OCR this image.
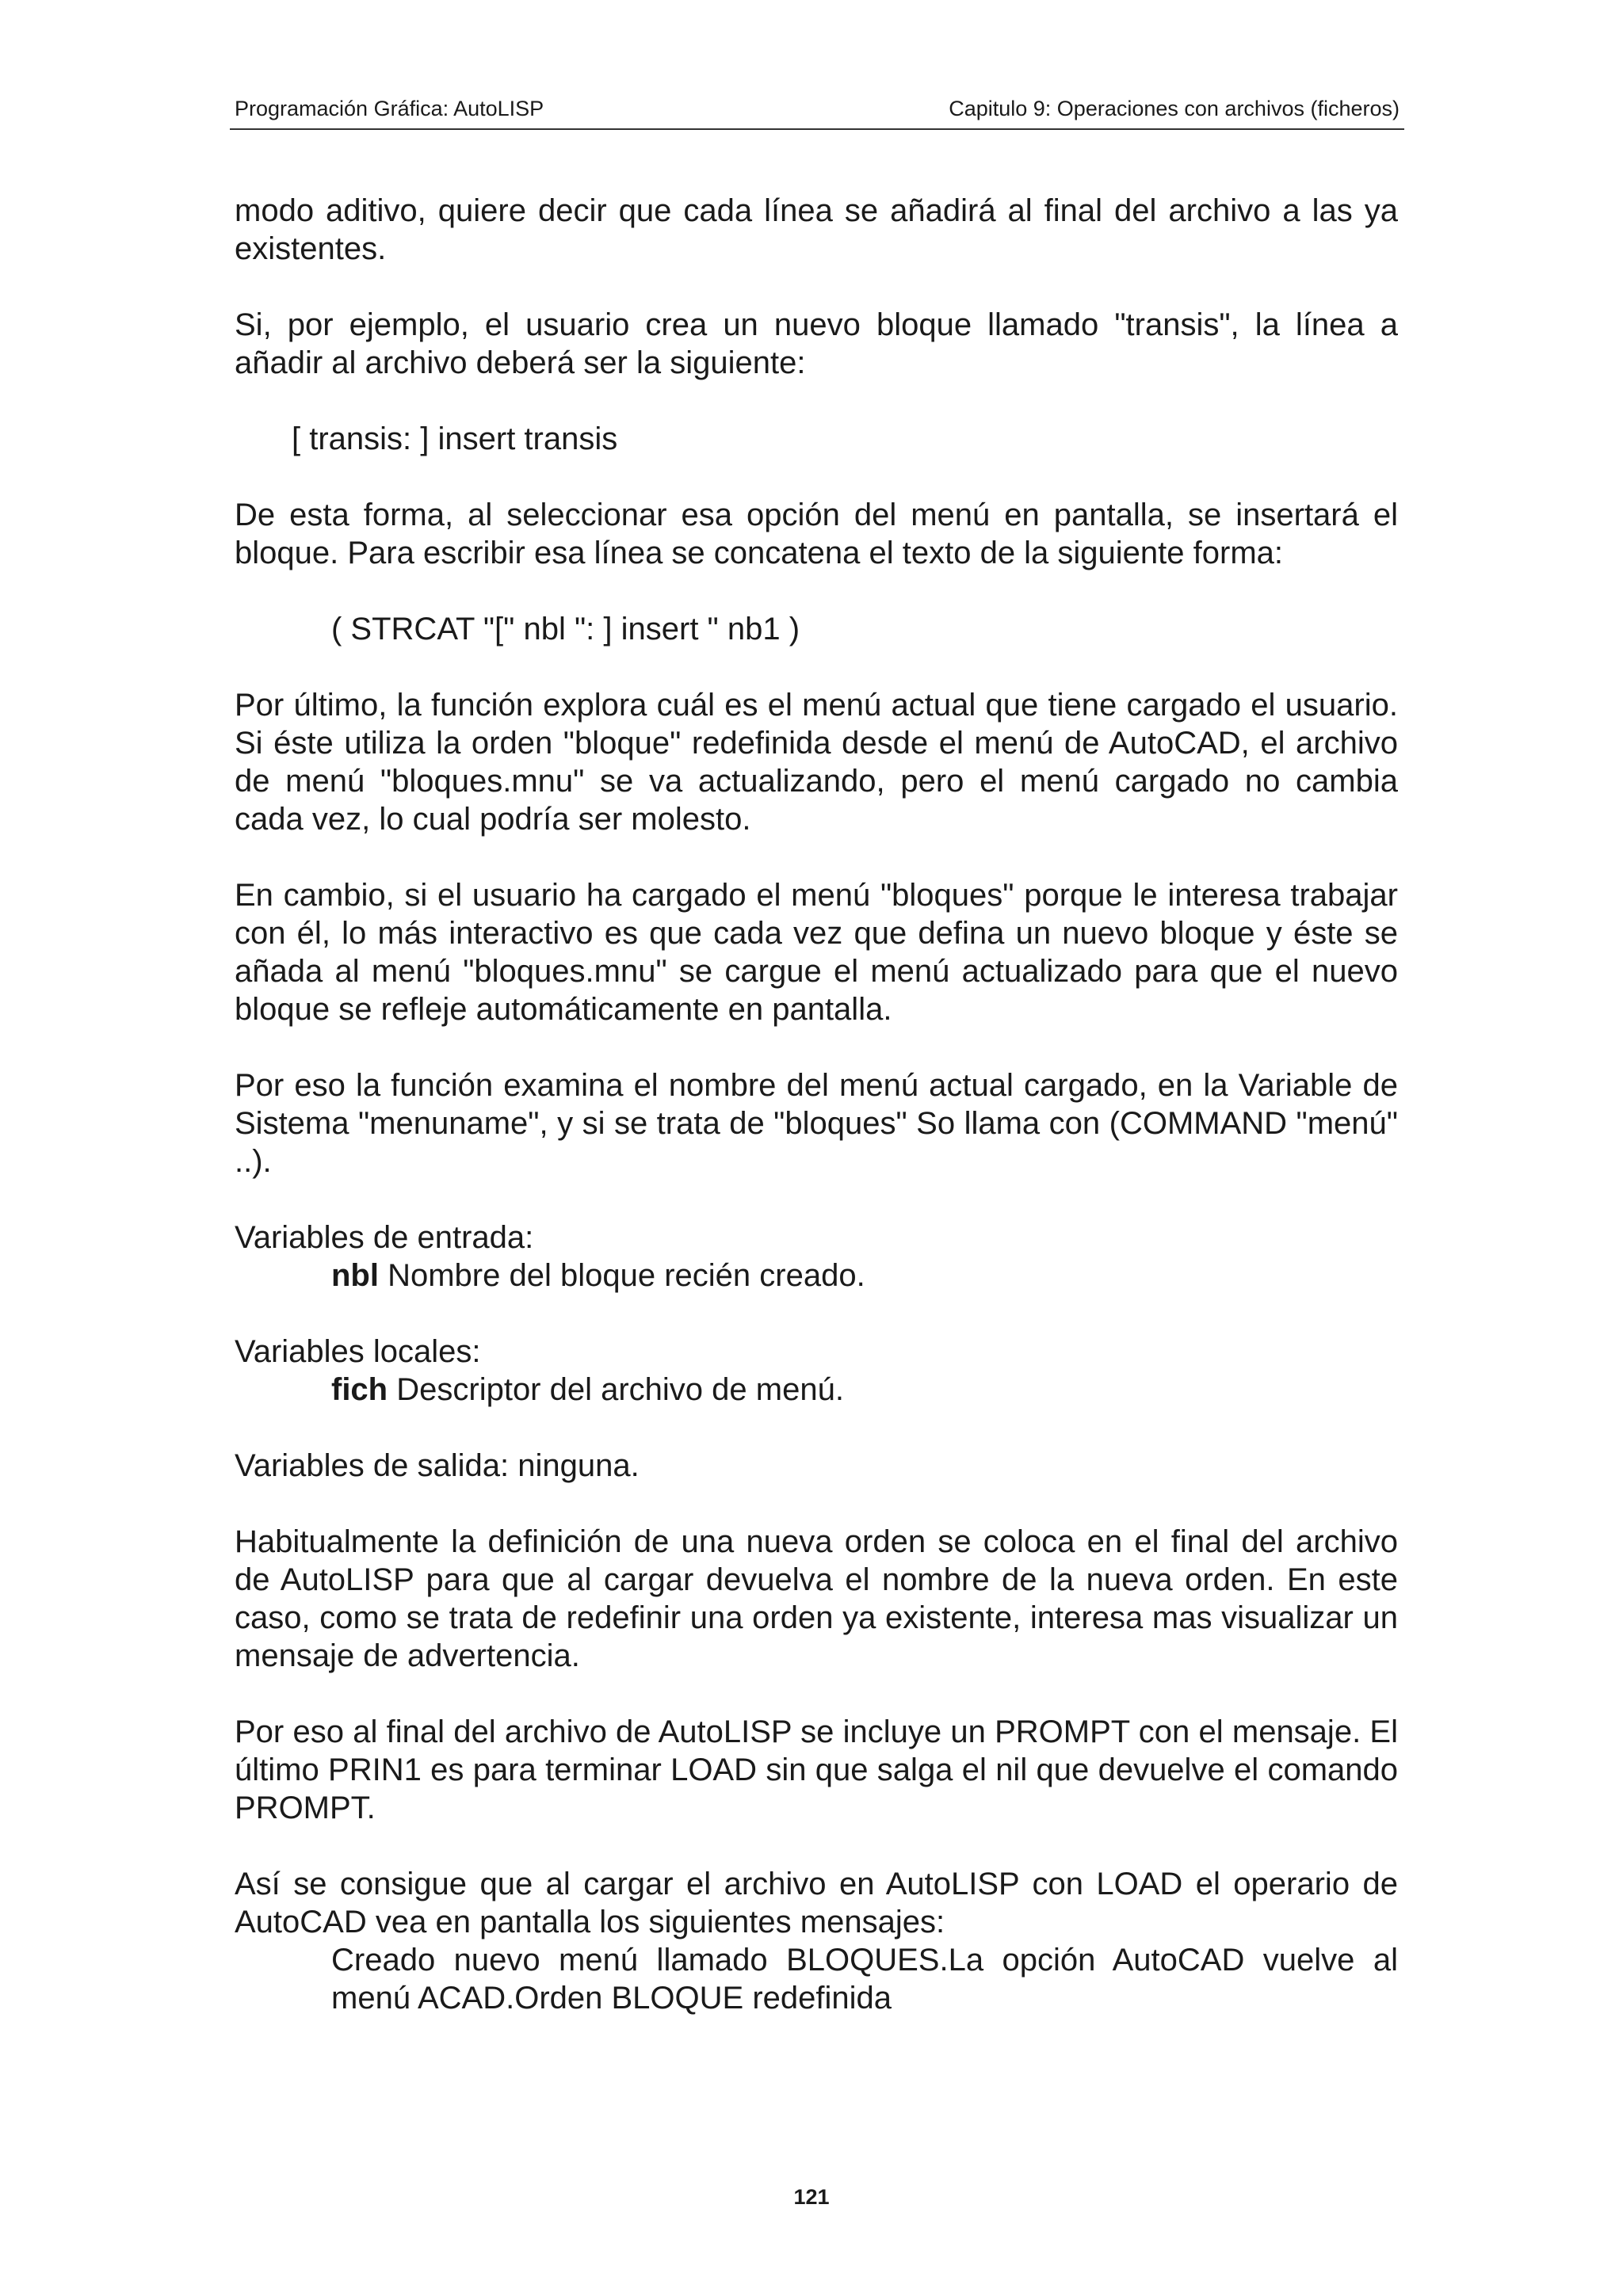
Programación Gráfica: AutoLISP	Capitulo 9: Operaciones con archivos (ficheros)

modo aditivo, quiere decir que cada línea se añadirá al final del archivo a las ya existentes.

Si, por ejemplo, el usuario crea un nuevo bloque llamado "transis", la línea a añadir al archivo deberá ser la siguiente:

[ transis: ] insert transis

De esta forma, al seleccionar esa opción del menú en pantalla, se insertará el bloque. Para escribir esa línea se concatena el texto de la siguiente forma:

( STRCAT "[" nbl ": ] insert " nb1 )

Por último, la función explora cuál es el menú actual que tiene cargado el usuario. Si éste utiliza la orden "bloque" redefinida desde el menú de AutoCAD, el archivo de menú "bloques.mnu" se va actualizando, pero el menú cargado no cambia cada vez, lo cual podría ser molesto.

En cambio, si el usuario ha cargado el menú "bloques" porque le interesa trabajar con él, lo más interactivo es que cada vez que defina un nuevo bloque y éste se añada al menú "bloques.mnu" se cargue el menú actualizado para que el nuevo bloque se refleje automáticamente en pantalla.

Por eso la función examina el nombre del menú actual cargado, en la Variable de Sistema "menuname", y si se trata de "bloques" So llama con (COMMAND "menú" ..).

Variables de entrada:

nbl Nombre del bloque recién creado.

Variables locales:

fich Descriptor del archivo de menú.

Variables de salida: ninguna.

Habitualmente la definición de una nueva orden se coloca en el final del archivo de AutoLISP para que al cargar devuelva el nombre de la nueva orden. En este caso, como se trata de redefinir una orden ya existente, interesa mas visualizar un mensaje de advertencia.

Por eso al final del archivo de AutoLISP se incluye un PROMPT con el mensaje. El último PRIN1 es para terminar LOAD sin que salga el nil que devuelve el comando PROMPT.

Así se consigue que al cargar el archivo en AutoLISP con LOAD el operario de AutoCAD vea en pantalla los siguientes mensajes:

Creado nuevo menú llamado BLOQUES.La opción AutoCAD vuelve al menú ACAD.Orden BLOQUE redefinida

121
